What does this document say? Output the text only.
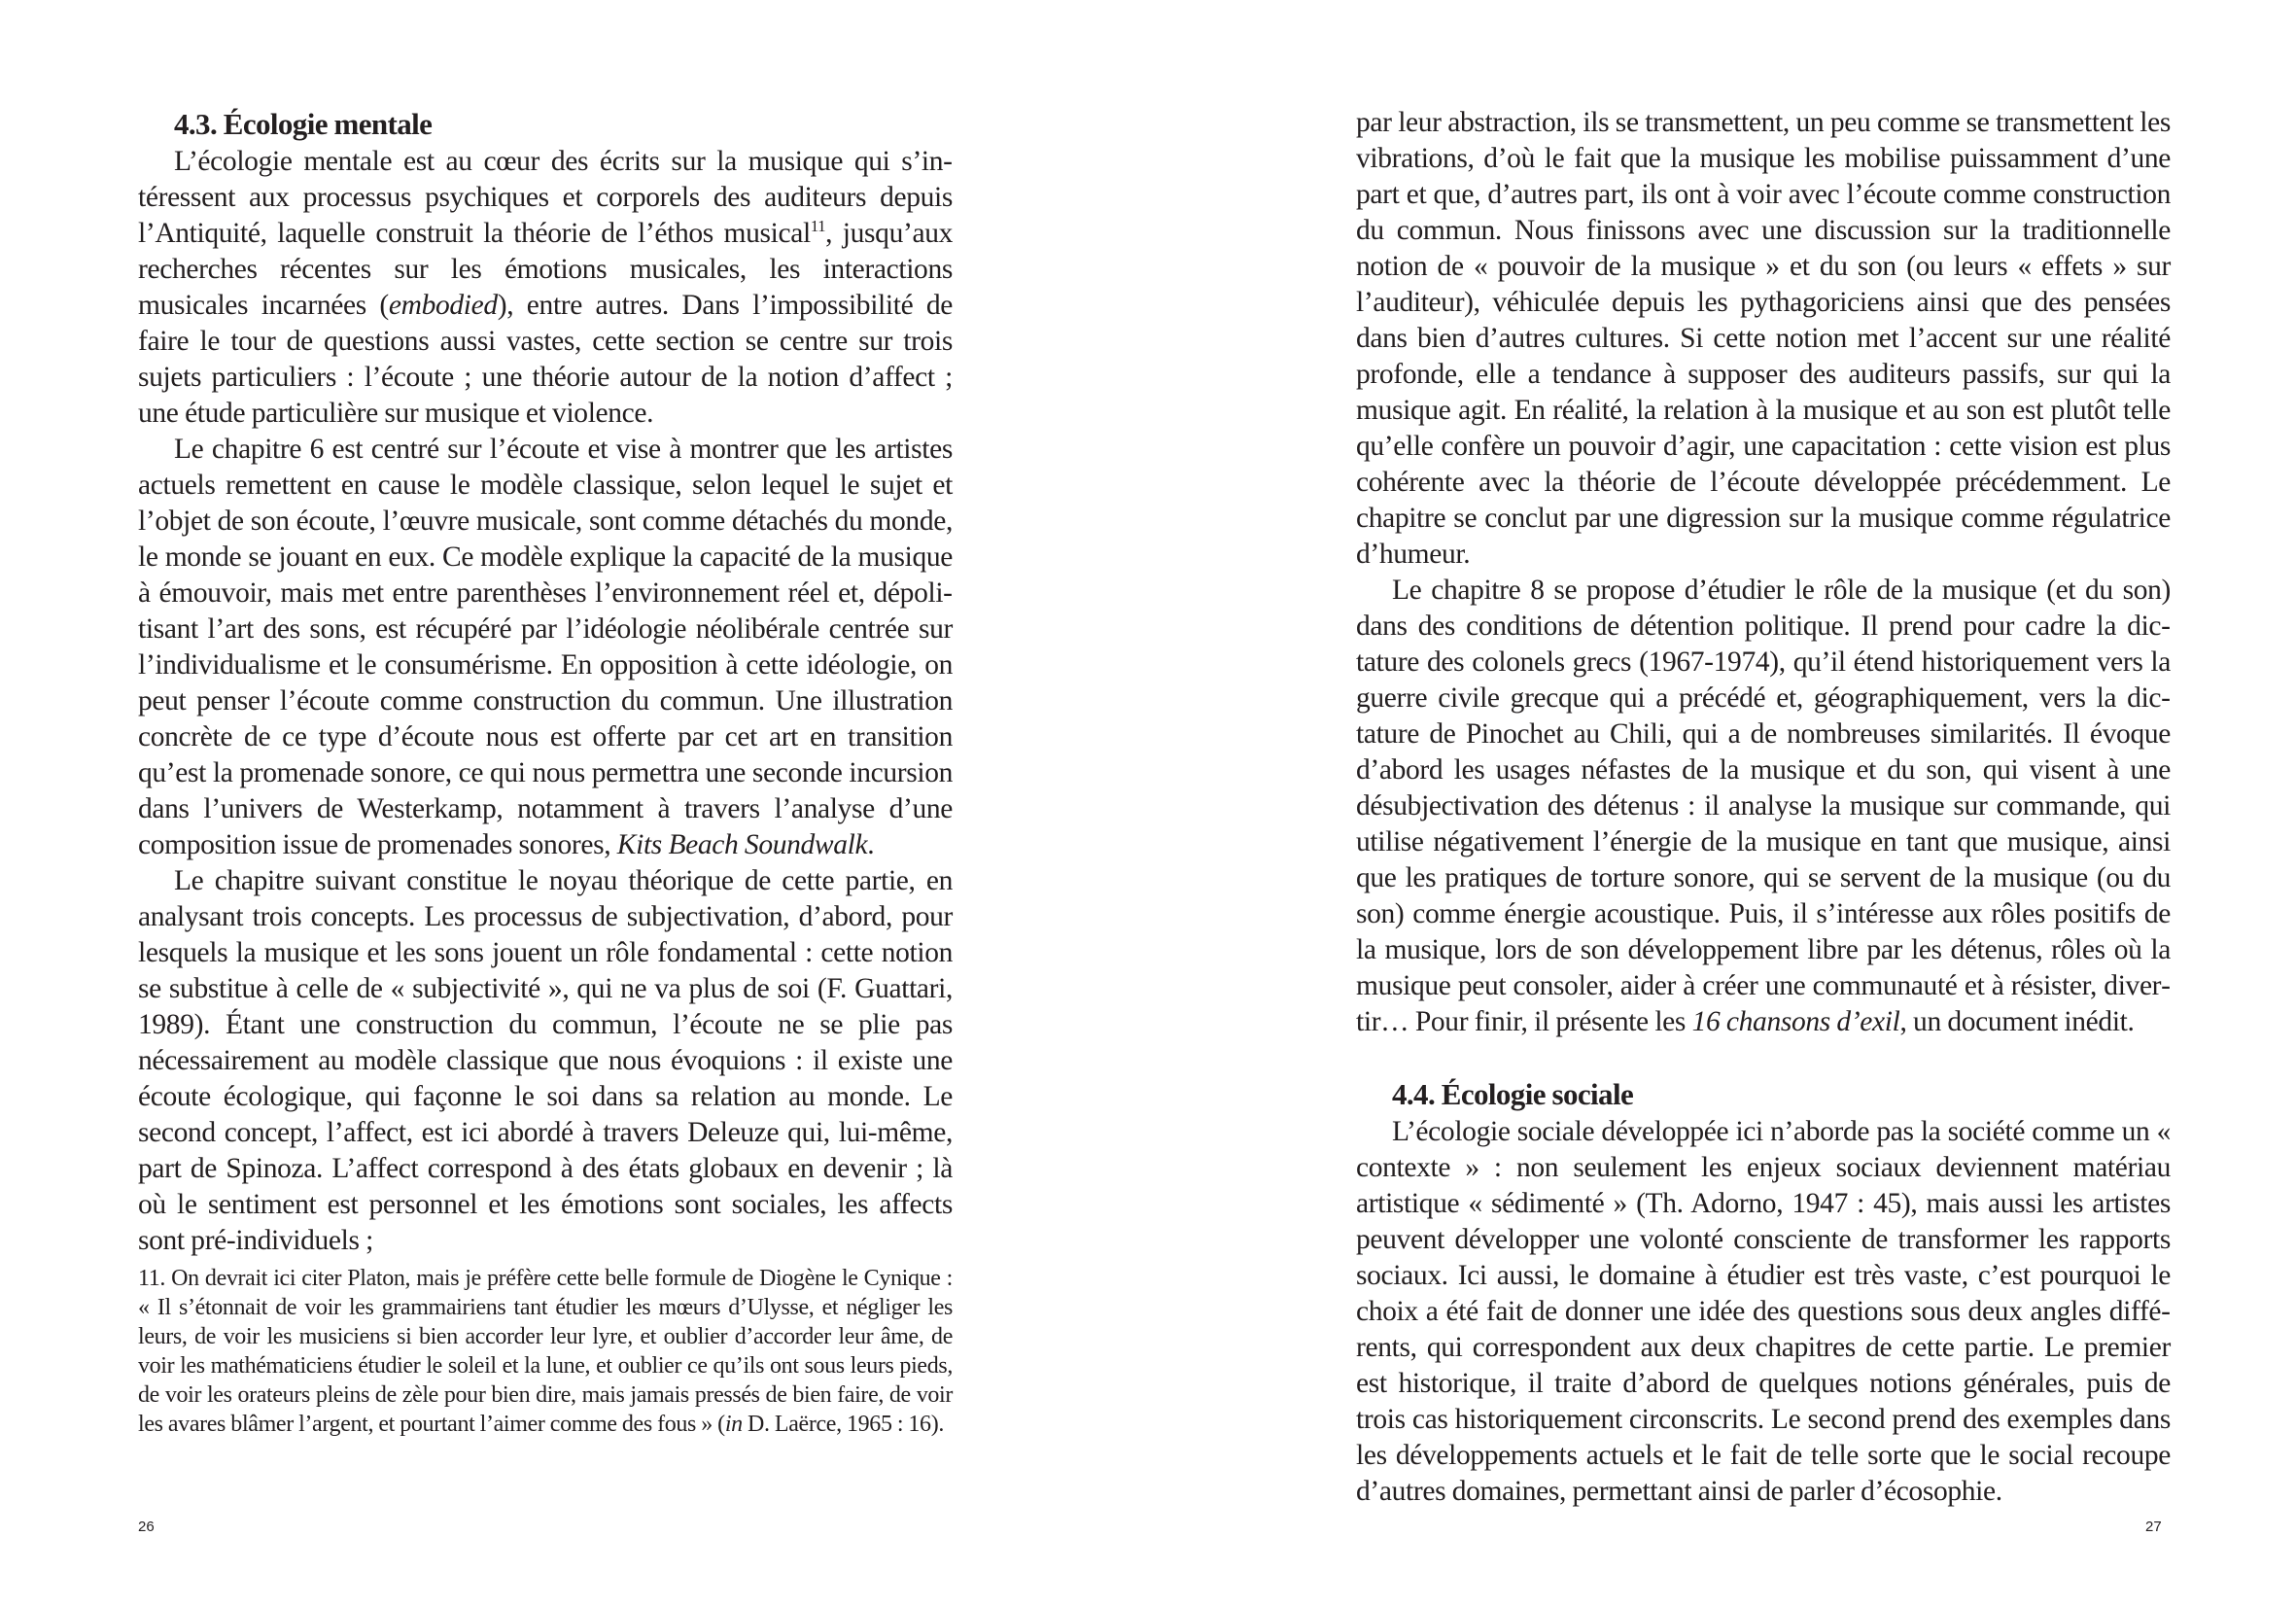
4.3. Écologie mentale

L’écologie mentale est au cœur des écrits sur la musique qui s’intéressent aux processus psychiques et corporels des auditeurs depuis l’Antiquité, laquelle construit la théorie de l’éthos musical$^{11}$, jusqu’aux recherches récentes sur les émotions musicales, les interactions musicales incarnées (embodied), entre autres. Dans l’impossibilité de faire le tour de questions aussi vastes, cette section se centre sur trois sujets particuliers : l’écoute ; une théorie autour de la notion d’affect ; une étude particulière sur musique et violence.

Le chapitre 6 est centré sur l’écoute et vise à montrer que les artistes actuels remettent en cause le modèle classique, selon lequel le sujet et l’objet de son écoute, l’œuvre musicale, sont comme détachés du monde, le monde se jouant en eux. Ce modèle explique la capacité de la musique à émouvoir, mais met entre parenthèses l’environnement réel et, dépolitisant l’art des sons, est récupéré par l’idéologie néolibérale centrée sur l’individualisme et le consumérisme. En opposition à cette idéologie, on peut penser l’écoute comme construction du commun. Une illustration concrète de ce type d’écoute nous est offerte par cet art en transition qu’est la promenade sonore, ce qui nous permettra une seconde incursion dans l’univers de Westerkamp, notamment à travers l’analyse d’une composition issue de promenades sonores, Kits Beach Soundwalk.

Le chapitre suivant constitue le noyau théorique de cette partie, en analysant trois concepts. Les processus de subjectivation, d’abord, pour lesquels la musique et les sons jouent un rôle fondamental : cette notion se substitue à celle de « subjectivité », qui ne va plus de soi (F. Guattari, 1989). Étant une construction du commun, l’écoute ne se plie pas nécessairement au modèle classique que nous évoquions : il existe une écoute écologique, qui façonne le soi dans sa relation au monde. Le second concept, l’affect, est ici abordé à travers Deleuze qui, lui-même, part de Spinoza. L’affect correspond à des états globaux en devenir ; là où le sentiment est personnel et les émotions sont sociales, les affects sont pré-individuels ;

11. On devrait ici citer Platon, mais je préfère cette belle formule de Diogène le Cynique : « Il s’étonnait de voir les grammairiens tant étudier les mœurs d’Ulysse, et négliger les leurs, de voir les musiciens si bien accorder leur lyre, et oublier d’accorder leur âme, de voir les mathématiciens étudier le soleil et la lune, et oublier ce qu’ils ont sous leurs pieds, de voir les orateurs pleins de zèle pour bien dire, mais jamais pressés de bien faire, de voir les avares blâmer l’argent, et pourtant l’aimer comme des fous » (in D. Laërce, 1965 : 16).
26

par leur abstraction, ils se transmettent, un peu comme se transmettent les vibrations, d’où le fait que la musique les mobilise puissamment d’une part et que, d’autres part, ils ont à voir avec l’écoute comme construction du commun. Nous finissons avec une discussion sur la traditionnelle notion de « pouvoir de la musique » et du son (ou leurs « effets » sur l’auditeur), véhiculée depuis les pythagoriciens ainsi que des pensées dans bien d’autres cultures. Si cette notion met l’accent sur une réalité profonde, elle a tendance à supposer des auditeurs passifs, sur qui la musique agit. En réalité, la relation à la musique et au son est plutôt telle qu’elle confère un pouvoir d’agir, une capacitation : cette vision est plus cohérente avec la théorie de l’écoute développée précédemment. Le chapitre se conclut par une digression sur la musique comme régulatrice d’humeur.

Le chapitre 8 se propose d’étudier le rôle de la musique (et du son) dans des conditions de détention politique. Il prend pour cadre la dictature des colonels grecs (1967-1974), qu’il étend historiquement vers la guerre civile grecque qui a précédé et, géographiquement, vers la dictature de Pinochet au Chili, qui a de nombreuses similarités. Il évoque d’abord les usages néfastes de la musique et du son, qui visent à une désubjectivation des détenus : il analyse la musique sur commande, qui utilise négativement l’énergie de la musique en tant que musique, ainsi que les pratiques de torture sonore, qui se servent de la musique (ou du son) comme énergie acoustique. Puis, il s’intéresse aux rôles positifs de la musique, lors de son développement libre par les détenus, rôles où la musique peut consoler, aider à créer une communauté et à résister, divertir… Pour finir, il présente les 16 chansons d’exil, un document inédit.

4.4. Écologie sociale

L’écologie sociale développée ici n’aborde pas la société comme un « contexte » : non seulement les enjeux sociaux deviennent matériau artistique « sédimenté » (Th. Adorno, 1947 : 45), mais aussi les artistes peuvent développer une volonté consciente de transformer les rapports sociaux. Ici aussi, le domaine à étudier est très vaste, c’est pourquoi le choix a été fait de donner une idée des questions sous deux angles différents, qui correspondent aux deux chapitres de cette partie. Le premier est historique, il traite d’abord de quelques notions générales, puis de trois cas historiquement circonscrits. Le second prend des exemples dans les développements actuels et le fait de telle sorte que le social recoupe d’autres domaines, permettant ainsi de parler d’écosophie.

27
